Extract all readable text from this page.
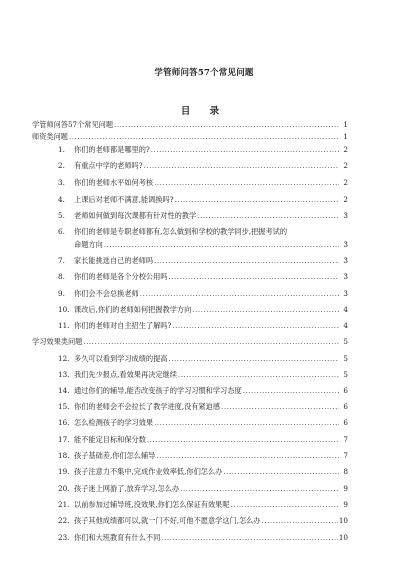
学管师问答57个常见问题
目 录
学管师问答57个常见问题 .....	1
师资类问题 .....	1
1.	你们的老师都是哪里的? .....	2
2.	有重点中学的老师吗? .....	2
3.	你们的老师水平如何考核 .....	2
4.	上课后对老师不满意,能调换吗? .....	2
5.	老师如何做到每次课都有针对性的教学 .....	3
6.	你们的老师是专职老师都有,怎么做到和学校的教学同步,把握考试的
命题方向 .....	3
7.	家长能挑选自己的老师吗 .....	3
8.	你们的老师是各个分校公用吗 .....	3
9.	你们会不会总换老师 .....	3
10. 课改后,你们的老师如何把握教学方向 .....	4
11. 你们的老师对自主招生了解吗? .....	4
学习效果类问题 .....	5
12. 多久可以看到学习成绩的提高 .....	5
13. 我们先少报点,看效果再决定继续 .....	5
14. 通过你们的辅导,能否改变孩子的学习习惯和学习态度 .....	6
15. 你们的老师会不会拉长了教学进度,没有紧迫感 .....	6
16. 怎么检测孩子的学习效果 .....	6
17. 能不能定目标和保分数 .....	7
18. 孩子基础差,你们怎么辅导 .....	7
19. 孩子注意力不集中,完成作业效率低,你们怎么办 .....	8
20. 孩子迷上网游了,放弃学习,怎么办 .....	9
21. 以前参加过辅导班,没效果,你们怎么保证有效果呢 .....	9
22. 孩子其他成绩都可以,就一门不好,可他不愿意学这门,怎么办 .....	10
23. 你们和大班教育有什么不同 .....	10
